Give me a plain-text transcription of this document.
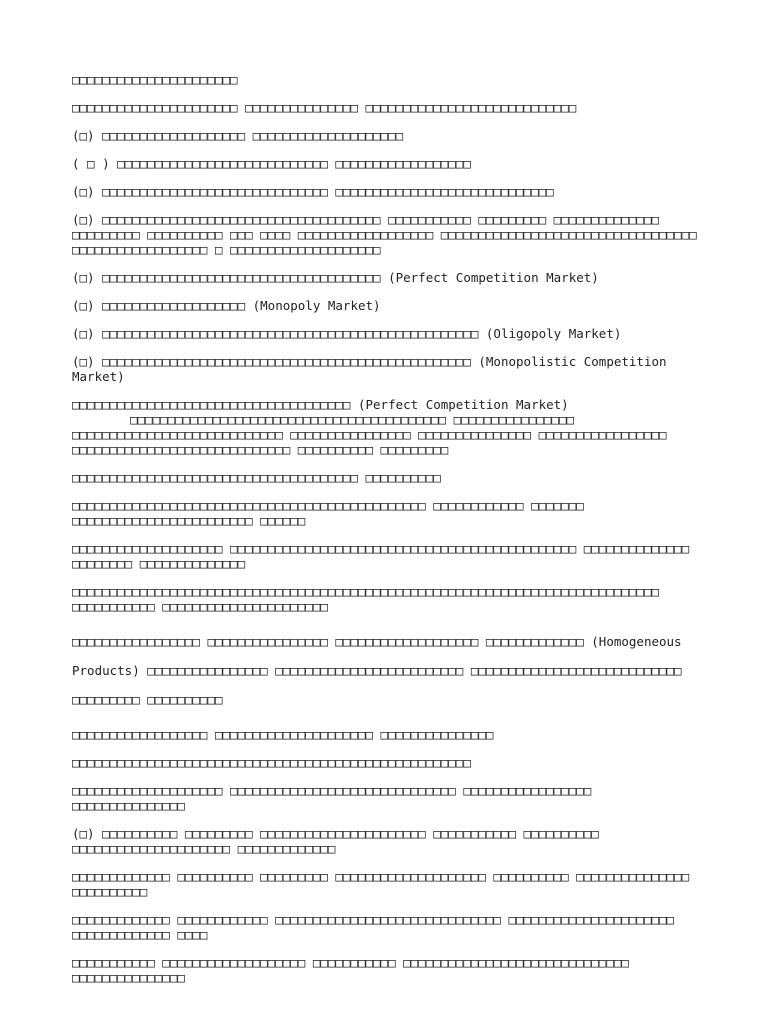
□□□□□□□□□□□□□□□□□□□□□□

□□□□□□□□□□□□□□□□□□□□□□ □□□□□□□□□□□□□□□ □□□□□□□□□□□□□□□□□□□□□□□□□□□□

(□) □□□□□□□□□□□□□□□□□□□ □□□□□□□□□□□□□□□□□□□□

( □ ) □□□□□□□□□□□□□□□□□□□□□□□□□□□□ □□□□□□□□□□□□□□□□□□

(□) □□□□□□□□□□□□□□□□□□□□□□□□□□□□□□ □□□□□□□□□□□□□□□□□□□□□□□□□□□□□

(□) □□□□□□□□□□□□□□□□□□□□□□□□□□□□□□□□□□□□□ □□□□□□□□□□□ □□□□□□□□□ □□□□□□□□□□□□□□ □□□□□□□□□ □□□□□□□□□□ □□□ □□□□ □□□□□□□□□□□□□□□□□□ □□□□□□□□□□□□□□□□□□□□□□□□□□□□□□□□□□ □□□□□□□□□□□□□□□□□□ □ □□□□□□□□□□□□□□□□□□□□

(□) □□□□□□□□□□□□□□□□□□□□□□□□□□□□□□□□□□□□□ (Perfect Competition Market)

(□) □□□□□□□□□□□□□□□□□□□ (Monopoly Market)

(□) □□□□□□□□□□□□□□□□□□□□□□□□□□□□□□□□□□□□□□□□□□□□□□□□□□ (Oligopoly Market)

(□) □□□□□□□□□□□□□□□□□□□□□□□□□□□□□□□□□□□□□□□□□□□□□□□□□ (Monopolistic Competition Market)

□□□□□□□□□□□□□□□□□□□□□□□□□□□□□□□□□□□□□ (Perfect Competition Market)

□□□□□□□□□□□□□□□□□□□□□□□□□□□□□□□□□□□□□□□□□□ □□□□□□□□□□□□□□□□ □□□□□□□□□□□□□□□□□□□□□□□□□□□□ □□□□□□□□□□□□□□□□ □□□□□□□□□□□□□□□ □□□□□□□□□□□□□□□□□ □□□□□□□□□□□□□□□□□□□□□□□□□□□□□ □□□□□□□□□□ □□□□□□□□□

□□□□□□□□□□□□□□□□□□□□□□□□□□□□□□□□□□□□□□ □□□□□□□□□□

□□□□□□□□□□□□□□□□□□□□□□□□□□□□□□□□□□□□□□□□□□□□□□□ □□□□□□□□□□□□ □□□□□□□ □□□□□□□□□□□□□□□□□□□□□□□□ □□□□□□

□□□□□□□□□□□□□□□□□□□□ □□□□□□□□□□□□□□□□□□□□□□□□□□□□□□□□□□□□□□□□□□□□□□ □□□□□□□□□□□□□□ □□□□□□□□ □□□□□□□□□□□□□□

□□□□□□□□□□□□□□□□□□□□□□□□□□□□□□□□□□□□□□□□□□□□□□□□□□□□□□□□□□□□□□□□□□□□□□□□□□□□□□ □□□□□□□□□□□ □□□□□□□□□□□□□□□□□□□□□□

□□□□□□□□□□□□□□□□□ □□□□□□□□□□□□□□□□ □□□□□□□□□□□□□□□□□□□ □□□□□□□□□□□□□ (Homogeneous Products) □□□□□□□□□□□□□□□□ □□□□□□□□□□□□□□□□□□□□□□□□□ □□□□□□□□□□□□□□□□□□□□□□□□□□□□ □□□□□□□□□ □□□□□□□□□□

□□□□□□□□□□□□□□□□□□ □□□□□□□□□□□□□□□□□□□□□ □□□□□□□□□□□□□□□

□□□□□□□□□□□□□□□□□□□□□□□□□□□□□□□□□□□□□□□□□□□□□□□□□□□□□

□□□□□□□□□□□□□□□□□□□□ □□□□□□□□□□□□□□□□□□□□□□□□□□□□□□ □□□□□□□□□□□□□□□□□ □□□□□□□□□□□□□□□

(□) □□□□□□□□□□ □□□□□□□□□ □□□□□□□□□□□□□□□□□□□□□□ □□□□□□□□□□□ □□□□□□□□□□ □□□□□□□□□□□□□□□□□□□□□ □□□□□□□□□□□□□

□□□□□□□□□□□□□ □□□□□□□□□□ □□□□□□□□□ □□□□□□□□□□□□□□□□□□□□ □□□□□□□□□□ □□□□□□□□□□□□□□□ □□□□□□□□□□

□□□□□□□□□□□□□ □□□□□□□□□□□□ □□□□□□□□□□□□□□□□□□□□□□□□□□□□□□ □□□□□□□□□□□□□□□□□□□□□□ □□□□□□□□□□□□□ □□□□

□□□□□□□□□□□ □□□□□□□□□□□□□□□□□□□ □□□□□□□□□□□ □□□□□□□□□□□□□□□□□□□□□□□□□□□□□□ □□□□□□□□□□□□□□□
